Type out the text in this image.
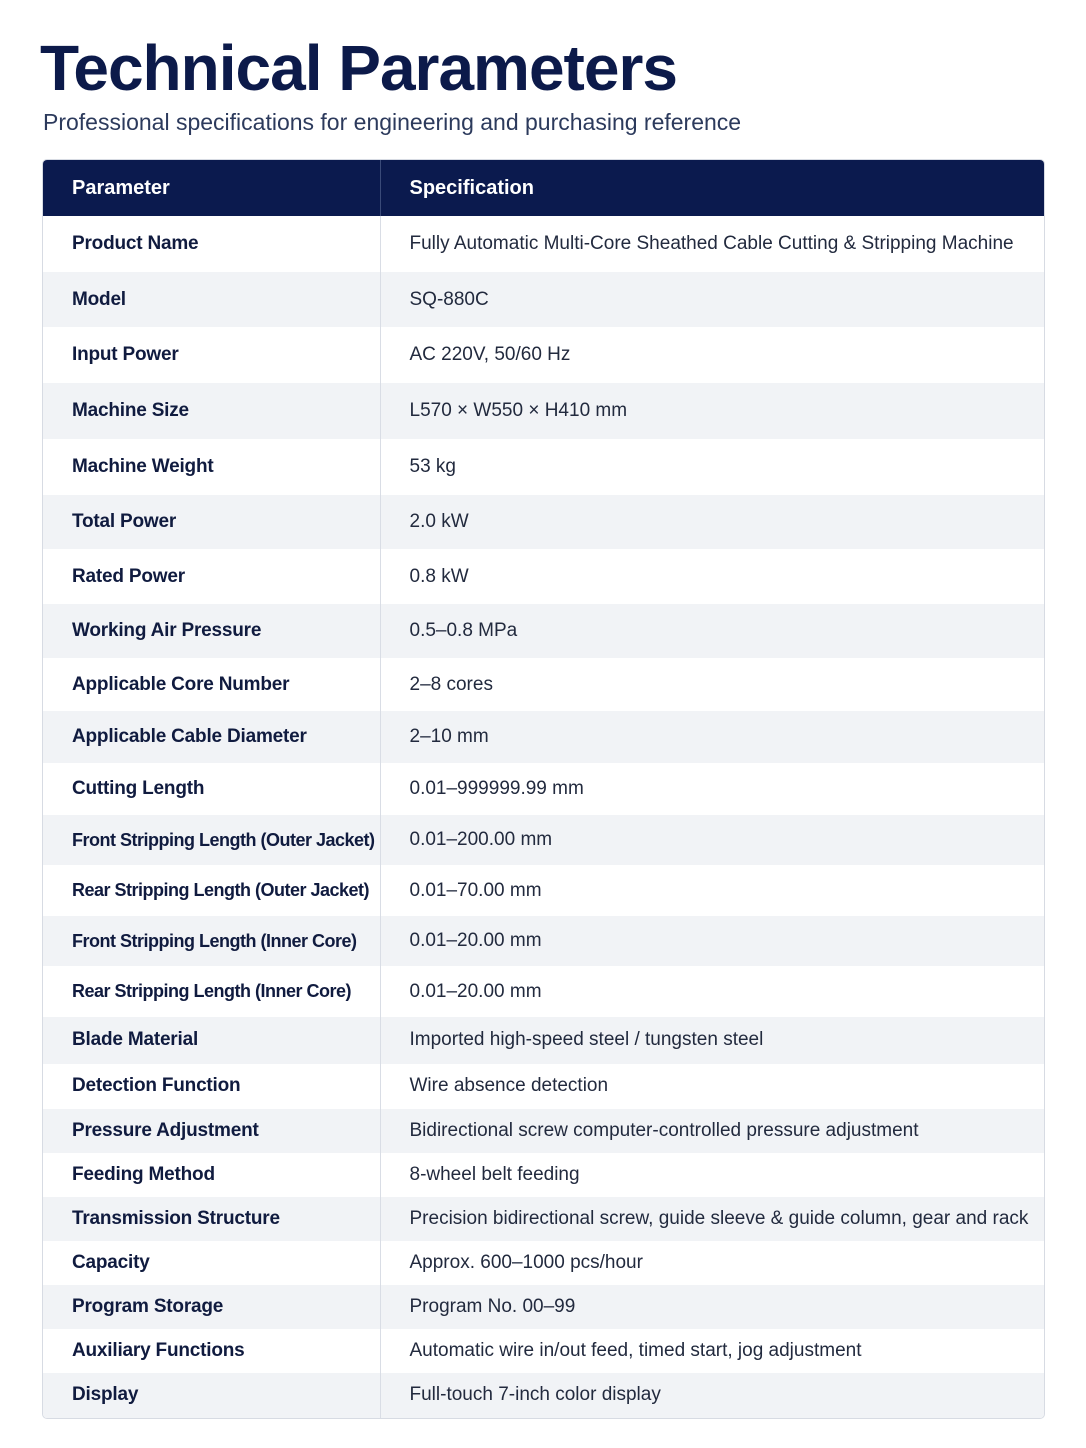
Technical Parameters

Professional specifications for engineering and purchasing reference

Parameter	Specification
Product Name	Fully Automatic Multi-Core Sheathed Cable Cutting & Stripping Machine
Model	SQ-880C
Input Power	AC 220V, 50/60 Hz
Machine Size	L570 × W550 × H410 mm
Machine Weight	53 kg
Total Power	2.0 kW
Rated Power	0.8 kW
Working Air Pressure	0.5–0.8 MPa
Applicable Core Number	2–8 cores
Applicable Cable Diameter	2–10 mm
Cutting Length	0.01–999999.99 mm
Front Stripping Length (Outer Jacket)	0.01–200.00 mm
Rear Stripping Length (Outer Jacket)	0.01–70.00 mm
Front Stripping Length (Inner Core)	0.01–20.00 mm
Rear Stripping Length (Inner Core)	0.01–20.00 mm
Blade Material	Imported high-speed steel / tungsten steel
Detection Function	Wire absence detection
Pressure Adjustment	Bidirectional screw computer-controlled pressure adjustment
Feeding Method	8-wheel belt feeding
Transmission Structure	Precision bidirectional screw, guide sleeve & guide column, gear and rack
Capacity	Approx. 600–1000 pcs/hour
Program Storage	Program No. 00–99
Auxiliary Functions	Automatic wire in/out feed, timed start, jog adjustment
Display	Full-touch 7-inch color display
